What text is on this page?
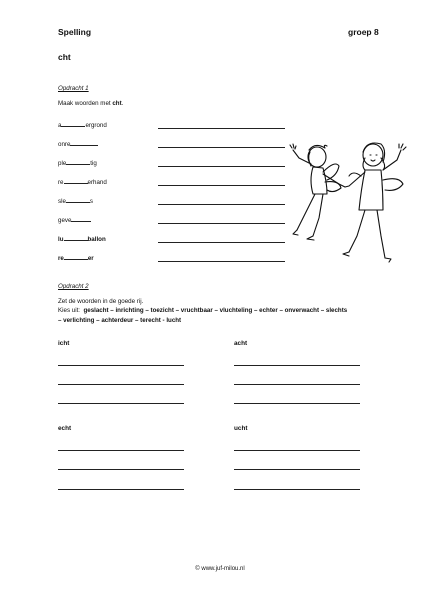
Spelling	groep 8
cht
Opdracht 1
Maak woorden met cht.
a	ergrond
onre
ple	tig
re	erhand
sle	s
geve
lu	ballon
re	er
Opdracht 2
Zet de woorden in de goede rij.
Kies uit: geslacht – inrichting – toezicht – vruchtbaar – vluchteling – echter – onverwacht – slechts
– verlichting – achterdeur – terecht - lucht
icht	acht
echt	ucht
© www.juf-milou.nl
